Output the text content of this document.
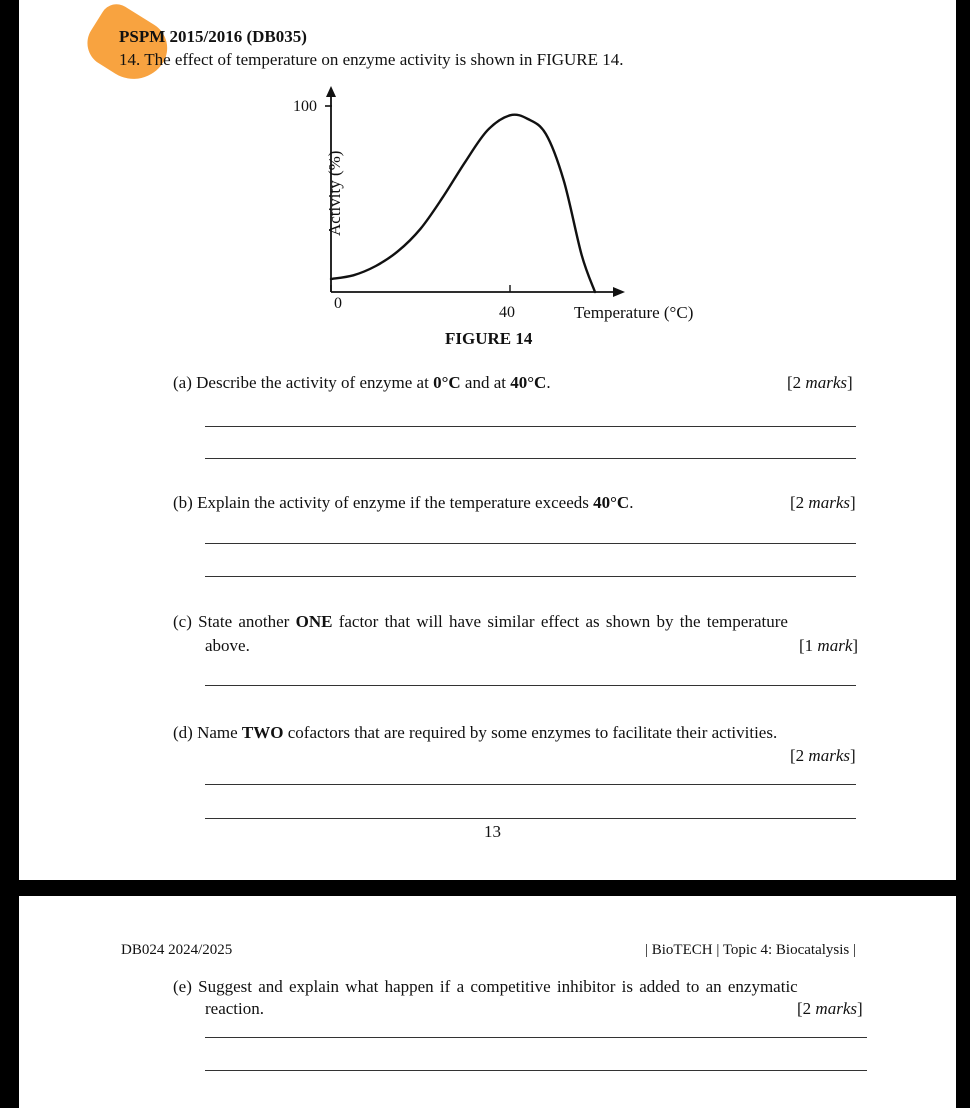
PSPM 2015/2016 (DB035)
14. The effect of temperature on enzyme activity is shown in FIGURE 14.
100
0
40	Temperature (°C)
Activity (%)
FIGURE 14
(a) Describe the activity of enzyme at 0°C and at 40°C.	[2 marks]
(b) Explain the activity of enzyme if the temperature exceeds 40°C.	[2 marks]
(c) State another ONE factor that will have similar effect as shown by the temperature
above.	[1 mark]
(d) Name TWO cofactors that are required by some enzymes to facilitate their activities.
[2 marks]
13
DB024 2024/2025	| BioTECH | Topic 4: Biocatalysis |
(e) Suggest and explain what happen if a competitive inhibitor is added to an enzymatic
reaction.	[2 marks]
